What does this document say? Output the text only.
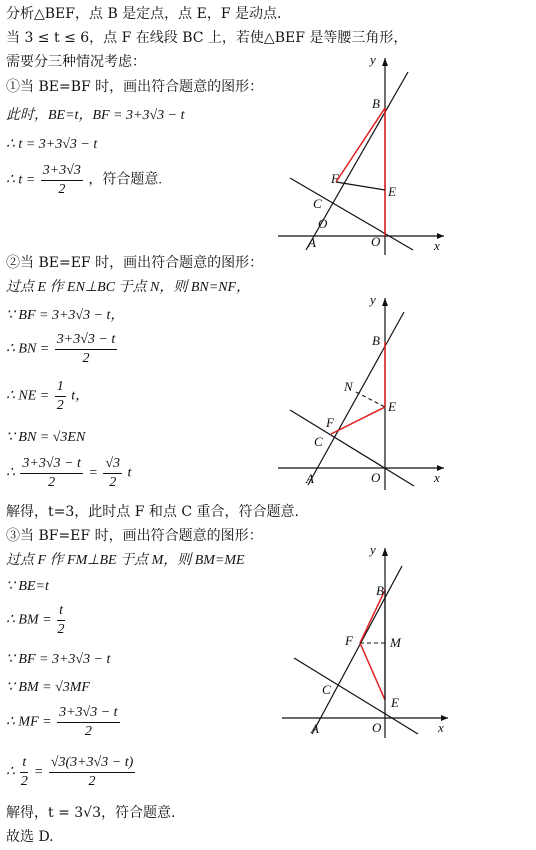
分析△BEF，点 B 是定点，点 E，F 是动点.
当 3 ≤ t ≤ 6，点 F 在线段 BC 上，若使△BEF 是等腰三角形，
需要分三种情况考虑：
①当 BE=BF 时，画出符合题意的图形：
此时，BE=t，BF = 3+3√3 − t
∴ t = 3+3√3 − t
∴ $t = \frac{3+3√3}{2}$ ，符合题意.
②当 BE=EF 时，画出符合题意的图形：
过点 E 作 EN⊥BC 于点 N，则 BN=NF，
∵ BF = 3+3√3 − t，
∴ BN = $\frac{3+3√3 - t}{2}$
∴ NE = $\frac{1}{2}$ t，
∵ BN = √3EN
∴ $\frac{3+3√3 - t}{2} = \frac{√3}{2}$ t
解得，t=3，此时点 F 和点 C 重合，符合题意.
③当 BF=EF 时，画出符合题意的图形：
过点 F 作 FM⊥BE 于点 M，则 BM=ME
∵ BE=t
∴ BM = $\frac{t}{2}$
∵ BF = 3+3√3 − t
∵ BM = √3MF
∴ MF = $\frac{3+3√3 - t}{2}$
∴ $\frac{t}{2} = \frac{√3(3+3√3 - t)}{2}$
解得，t = 3√3，符合题意.
故选 D.
y
x
B
E
F
C
O
A	O
y
x
B
N
E
F
C
A	O
y
x
B
F	M
E
C
A	O
